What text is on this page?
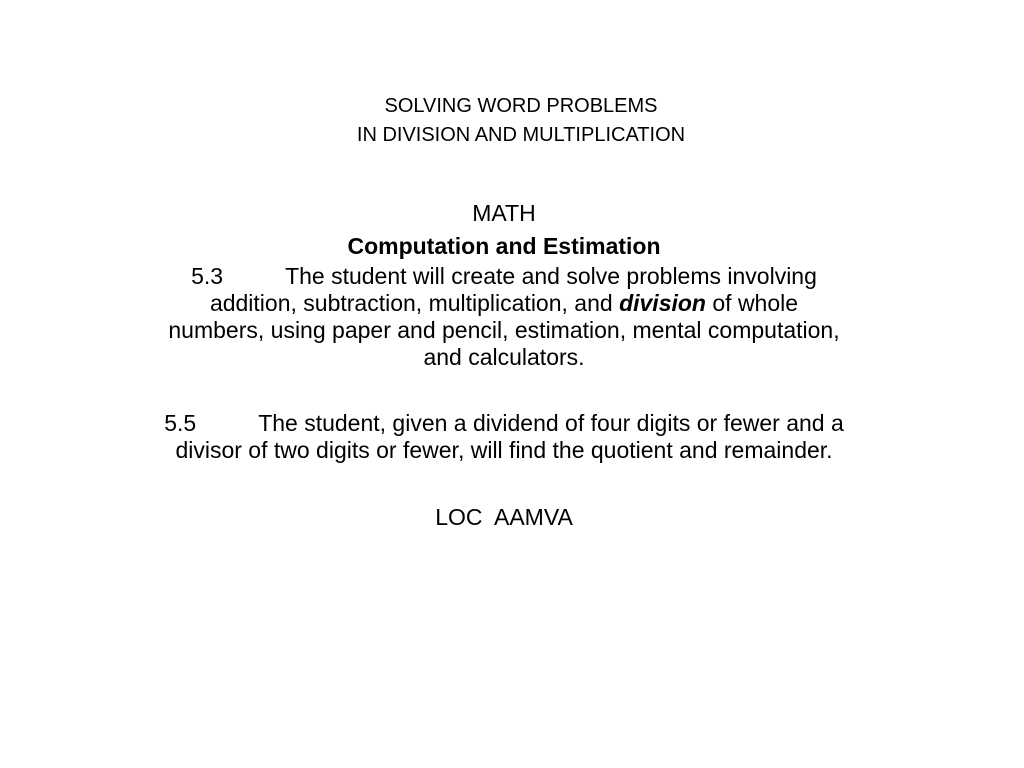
SOLVING WORD PROBLEMS
IN DIVISION AND MULTIPLICATION

MATH

Computation and Estimation

5.3	The student will create and solve problems involving addition, subtraction, multiplication, and division of whole numbers, using paper and pencil, estimation, mental computation, and calculators.

5.5	The student, given a dividend of four digits or fewer and a divisor of two digits or fewer, will find the quotient and remainder.

LOC  AAMVA
